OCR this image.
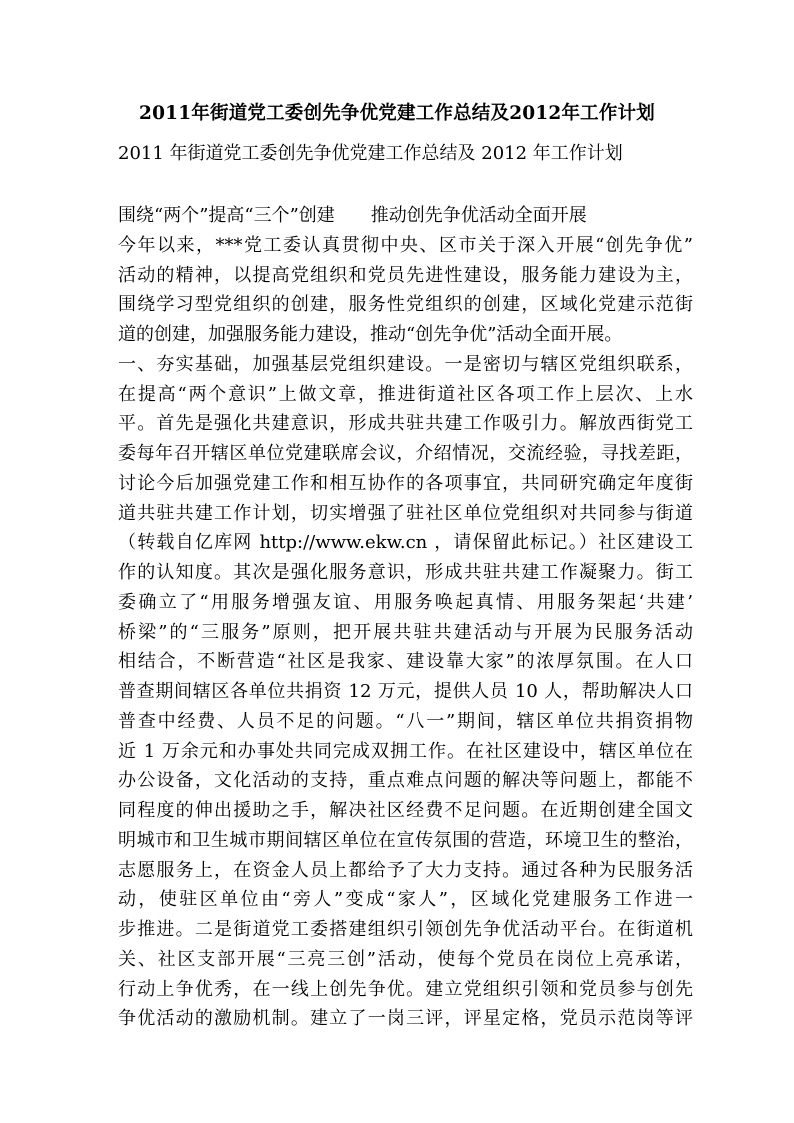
2011年街道党工委创先争优党建工作总结及2012年工作计划
2011 年街道党工委创先争优党建工作总结及 2012 年工作计划
围绕“两个”提高“三个”创建　　推动创先争优活动全面开展
今年以来，***党工委认真贯彻中央、区市关于深入开展“创先争优”
活动的精神，以提高党组织和党员先进性建设，服务能力建设为主，
围绕学习型党组织的创建，服务性党组织的创建，区域化党建示范街
道的创建，加强服务能力建设，推动“创先争优”活动全面开展。
一、夯实基础，加强基层党组织建设。一是密切与辖区党组织联系，
在提高“两个意识”上做文章，推进街道社区各项工作上层次、上水
平。首先是强化共建意识，形成共驻共建工作吸引力。解放西街党工
委每年召开辖区单位党建联席会议，介绍情况，交流经验，寻找差距，
讨论今后加强党建工作和相互协作的各项事宜，共同研究确定年度街
道共驻共建工作计划，切实增强了驻社区单位党组织对共同参与街道
（转载自亿库网 http://www.ekw.cn ，请保留此标记。）社区建设工
作的认知度。其次是强化服务意识，形成共驻共建工作凝聚力。街工
委确立了“用服务增强友谊、用服务唤起真情、用服务架起‘共建’
桥梁”的“三服务”原则，把开展共驻共建活动与开展为民服务活动
相结合，不断营造“社区是我家、建设靠大家”的浓厚氛围。在人口
普查期间辖区各单位共捐资 12 万元，提供人员 10 人，帮助解决人口
普查中经费、人员不足的问题。“八一”期间，辖区单位共捐资捐物
近 1 万余元和办事处共同完成双拥工作。在社区建设中，辖区单位在
办公设备，文化活动的支持，重点难点问题的解决等问题上，都能不
同程度的伸出援助之手，解决社区经费不足问题。在近期创建全国文
明城市和卫生城市期间辖区单位在宣传氛围的营造，环境卫生的整治，
志愿服务上，在资金人员上都给予了大力支持。通过各种为民服务活
动，使驻区单位由“旁人”变成“家人”，区域化党建服务工作进一
步推进。二是街道党工委搭建组织引领创先争优活动平台。在街道机
关、社区支部开展“三亮三创”活动，使每个党员在岗位上亮承诺，
行动上争优秀，在一线上创先争优。建立党组织引领和党员参与创先
争优活动的激励机制。建立了一岗三评，评星定格，党员示范岗等评
